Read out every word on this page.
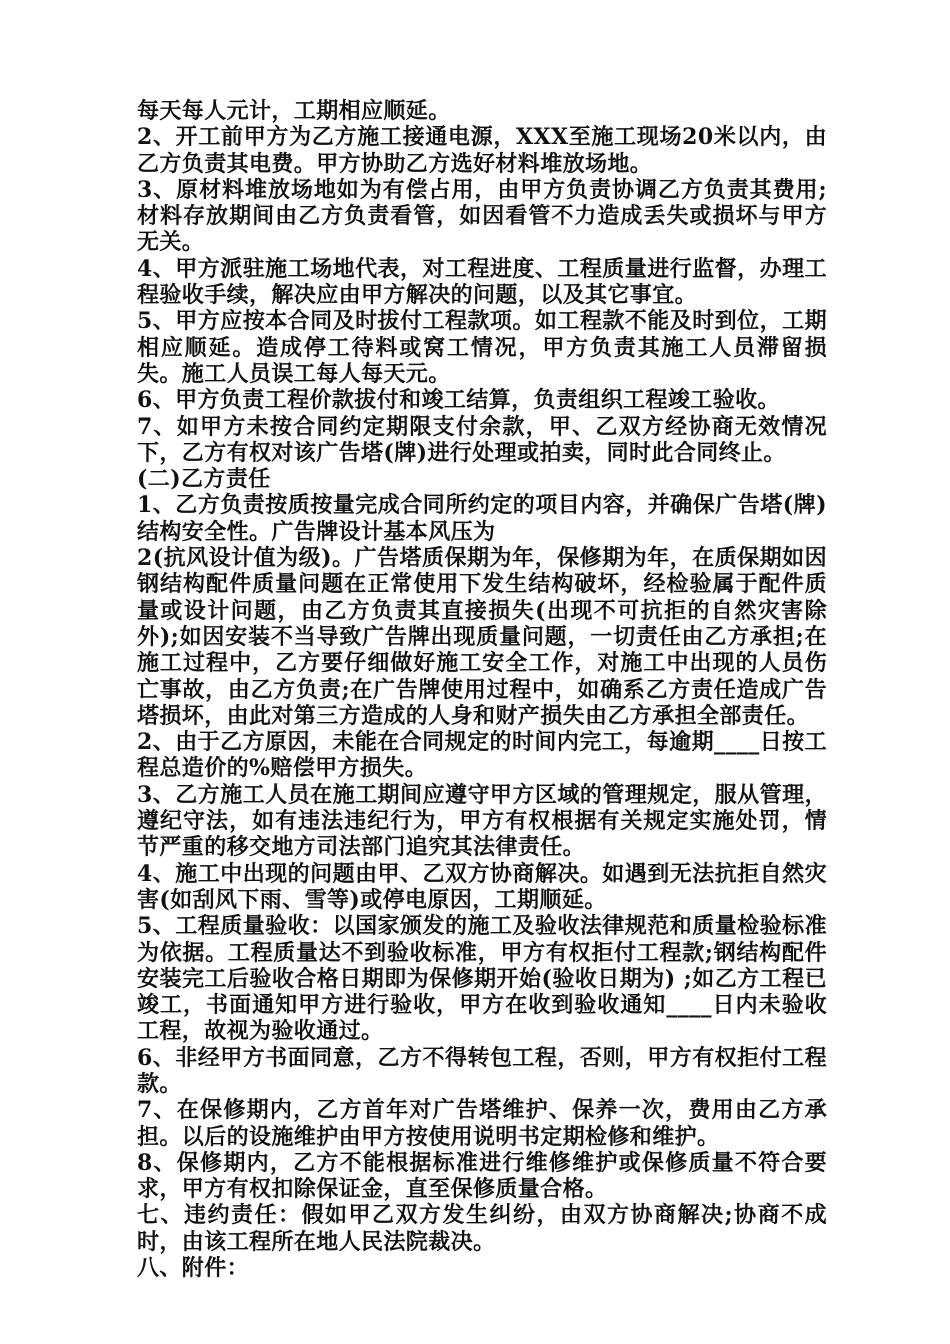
每天每人元计，工期相应顺延。

2、开工前甲方为乙方施工接通电源，XXX至施工现场20米以内，由乙方负责其电费。甲方协助乙方选好材料堆放场地。

3、原材料堆放场地如为有偿占用，由甲方负责协调乙方负责其费用;材料存放期间由乙方负责看管，如因看管不力造成丢失或损坏与甲方无关。

4、甲方派驻施工场地代表，对工程进度、工程质量进行监督，办理工程验收手续，解决应由甲方解决的问题，以及其它事宜。

5、甲方应按本合同及时拔付工程款项。如工程款不能及时到位，工期相应顺延。造成停工待料或窝工情况，甲方负责其施工人员滞留损失。施工人员误工每人每天元。

6、甲方负责工程价款拔付和竣工结算，负责组织工程竣工验收。

7、如甲方未按合同约定期限支付余款，甲、乙双方经协商无效情况下，乙方有权对该广告塔(牌)进行处理或拍卖，同时此合同终止。

(二)乙方责任

1、乙方负责按质按量完成合同所约定的项目内容，并确保广告塔(牌)结构安全性。广告牌设计基本风压为

2(抗风设计值为级)。广告塔质保期为年，保修期为年，在质保期如因钢结构配件质量问题在正常使用下发生结构破坏，经检验属于配件质量或设计问题，由乙方负责其直接损失(出现不可抗拒的自然灾害除外);如因安装不当导致广告牌出现质量问题，一切责任由乙方承担;在施工过程中，乙方要仔细做好施工安全工作，对施工中出现的人员伤亡事故，由乙方负责;在广告牌使用过程中，如确系乙方责任造成广告塔损坏，由此对第三方造成的人身和财产损失由乙方承担全部责任。

2、由于乙方原因，未能在合同规定的时间内完工，每逾期____日按工程总造价的%赔偿甲方损失。

3、乙方施工人员在施工期间应遵守甲方区域的管理规定，服从管理，遵纪守法，如有违法违纪行为，甲方有权根据有关规定实施处罚，情节严重的移交地方司法部门追究其法律责任。

4、施工中出现的问题由甲、乙双方协商解决。如遇到无法抗拒自然灾害(如刮风下雨、雪等)或停电原因，工期顺延。

5、工程质量验收：以国家颁发的施工及验收法律规范和质量检验标准为依据。工程质量达不到验收标准，甲方有权拒付工程款;钢结构配件安装完工后验收合格日期即为保修期开始(验收日期为) ;如乙方工程已竣工，书面通知甲方进行验收，甲方在收到验收通知____日内未验收工程，故视为验收通过。

6、非经甲方书面同意，乙方不得转包工程，否则，甲方有权拒付工程款。

7、在保修期内，乙方首年对广告塔维护、保养一次，费用由乙方承担。以后的设施维护由甲方按使用说明书定期检修和维护。

8、保修期内，乙方不能根据标准进行维修维护或保修质量不符合要求，甲方有权扣除保证金，直至保修质量合格。

七、违约责任：假如甲乙双方发生纠纷，由双方协商解决;协商不成时，由该工程所在地人民法院裁决。

八、附件：
